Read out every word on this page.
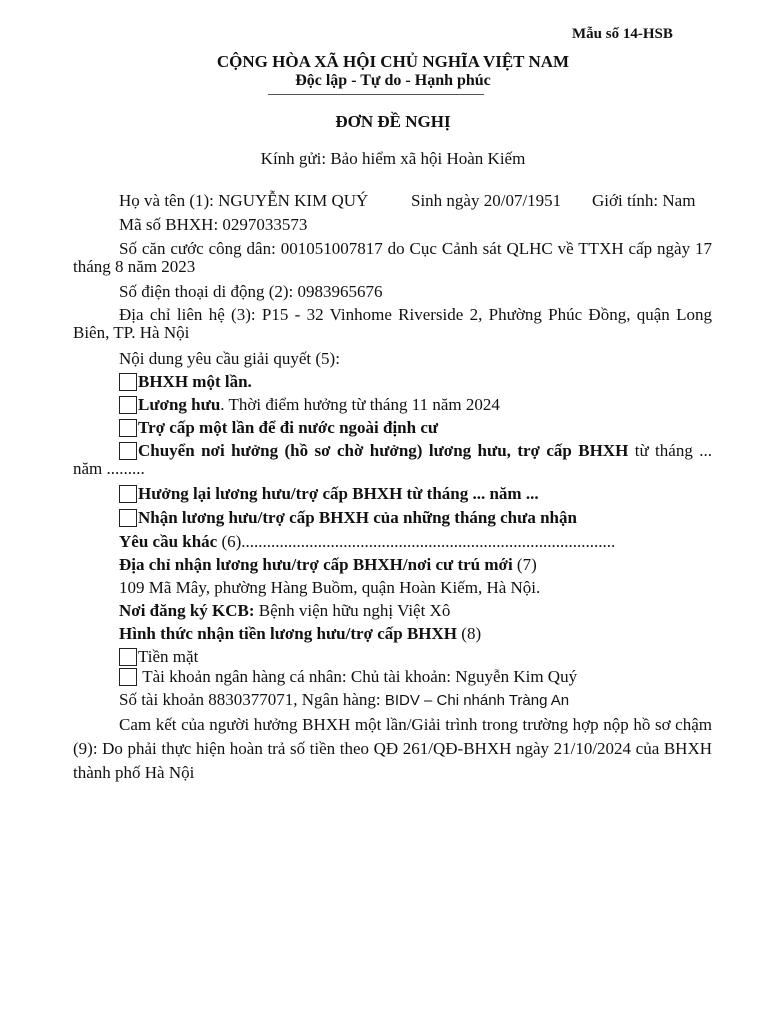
Mẫu số 14-HSB
CỘNG HÒA XÃ HỘI CHỦ NGHĨA VIỆT NAM
Độc lập - Tự do - Hạnh phúc
ĐƠN ĐỀ NGHỊ
Kính gửi: Bảo hiểm xã hội Hoàn Kiếm
Họ và tên (1): NGUYỄN KIM QUÝ	Sinh ngày 20/07/1951 Giới tính: Nam
Mã số BHXH: 0297033573
Số căn cước công dân: 001051007817 do Cục Cảnh sát QLHC về TTXH cấp ngày 17 tháng 8 năm 2023
Số điện thoại di động (2): 0983965676
Địa chỉ liên hệ (3): P15 - 32 Vinhome Riverside 2, Phường Phúc Đồng, quận Long Biên, TP. Hà Nội
Nội dung yêu cầu giải quyết (5):
BHXH một lần.
Lương hưu. Thời điểm hưởng từ tháng 11 năm 2024
Trợ cấp một lần để đi nước ngoài định cư
Chuyển nơi hưởng (hồ sơ chờ hưởng) lương hưu, trợ cấp BHXH từ tháng ... năm .........
Hưởng lại lương hưu/trợ cấp BHXH từ tháng ... năm ...
Nhận lương hưu/trợ cấp BHXH của những tháng chưa nhận
Yêu cầu khác (6)........................................................................................
Địa chỉ nhận lương hưu/trợ cấp BHXH/nơi cư trú mới (7)
109 Mã Mây, phường Hàng Buồm, quận Hoàn Kiếm, Hà Nội.
Nơi đăng ký KCB: Bệnh viện hữu nghị Việt Xô
Hình thức nhận tiền lương hưu/trợ cấp BHXH (8)
Tiền mặt
Tài khoản ngân hàng cá nhân: Chủ tài khoản: Nguyễn Kim Quý
Số tài khoản 8830377071, Ngân hàng: BIDV – Chi nhánh Tràng An
Cam kết của người hưởng BHXH một lần/Giải trình trong trường hợp nộp hồ sơ chậm (9): Do phải thực hiện hoàn trả số tiền theo QĐ 261/QĐ-BHXH ngày 21/10/2024 của BHXH thành phố Hà Nội
